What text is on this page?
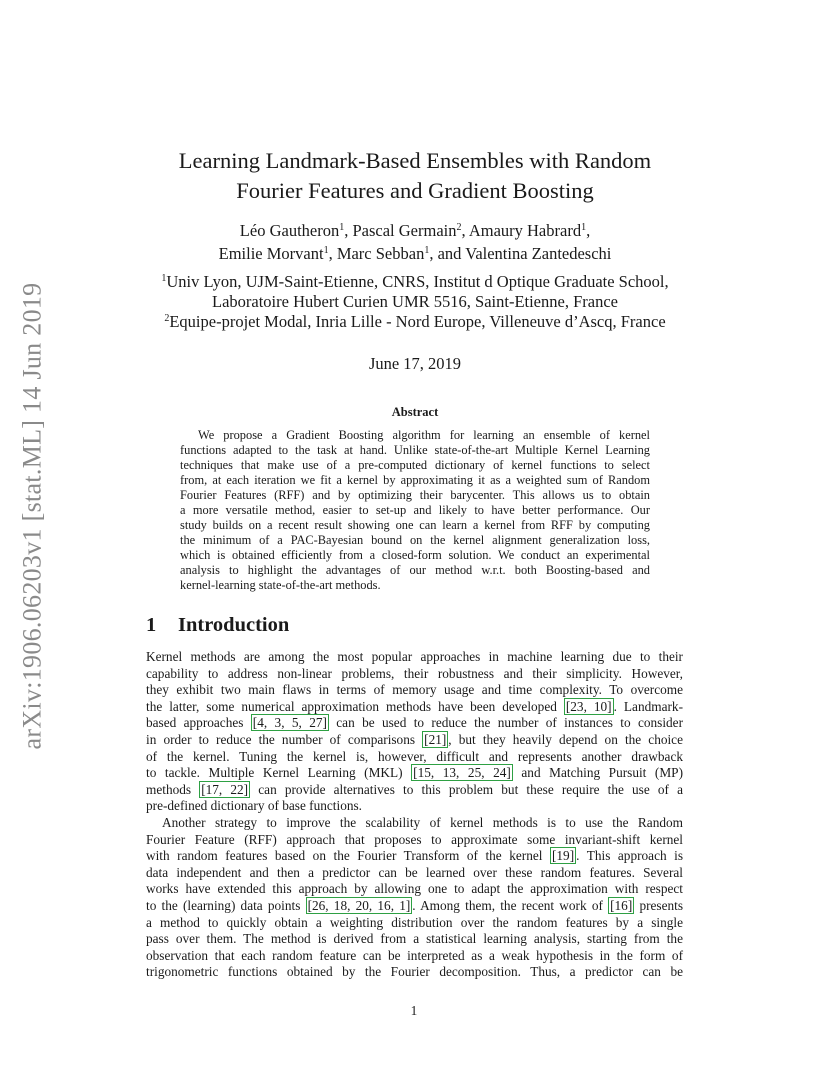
arXiv:1906.06203v1 [stat.ML] 14 Jun 2019
Learning Landmark-Based Ensembles with Random
Fourier Features and Gradient Boosting
Léo Gautheron$^1$, Pascal Germain$^2$, Amaury Habrard$^1$,
Emilie Morvant$^1$, Marc Sebban$^1$, and Valentina Zantedeschi
$^1$Univ Lyon, UJM-Saint-Etienne, CNRS, Institut d Optique Graduate School,
Laboratoire Hubert Curien UMR 5516, Saint-Etienne, France
$^2$Equipe-projet Modal, Inria Lille - Nord Europe, Villeneuve d’Ascq, France
June 17, 2019
Abstract
We propose a Gradient Boosting algorithm for learning an ensemble of kernel
functions adapted to the task at hand. Unlike state-of-the-art Multiple Kernel Learning
techniques that make use of a pre-computed dictionary of kernel functions to select
from, at each iteration we fit a kernel by approximating it as a weighted sum of Random
Fourier Features (RFF) and by optimizing their barycenter. This allows us to obtain
a more versatile method, easier to set-up and likely to have better performance. Our
study builds on a recent result showing one can learn a kernel from RFF by computing
the minimum of a PAC-Bayesian bound on the kernel alignment generalization loss,
which is obtained efficiently from a closed-form solution. We conduct an experimental
analysis to highlight the advantages of our method w.r.t. both Boosting-based and
kernel-learning state-of-the-art methods.
1 Introduction
Kernel methods are among the most popular approaches in machine learning due to their
capability to address non-linear problems, their robustness and their simplicity. However,
they exhibit two main flaws in terms of memory usage and time complexity. To overcome
the latter, some numerical approximation methods have been developed [23, 10] . Landmark-
based approaches [4, 3, 5, 27] can be used to reduce the number of instances to consider
in order to reduce the number of comparisons [21] , but they heavily depend on the choice
of the kernel. Tuning the kernel is, however, difficult and represents another drawback
to tackle. Multiple Kernel Learning (MKL) [15, 13, 25, 24] and Matching Pursuit (MP)
methods [17, 22] can provide alternatives to this problem but these require the use of a
pre-defined dictionary of base functions.
Another strategy to improve the scalability of kernel methods is to use the Random
Fourier Feature (RFF) approach that proposes to approximate some invariant-shift kernel
with random features based on the Fourier Transform of the kernel [19] . This approach is
data independent and then a predictor can be learned over these random features. Several
works have extended this approach by allowing one to adapt the approximation with respect
to the (learning) data points [26, 18, 20, 16, 1] . Among them, the recent work of [16] presents
a method to quickly obtain a weighting distribution over the random features by a single
pass over them. The method is derived from a statistical learning analysis, starting from the
observation that each random feature can be interpreted as a weak hypothesis in the form of
trigonometric functions obtained by the Fourier decomposition. Thus, a predictor can be
1
